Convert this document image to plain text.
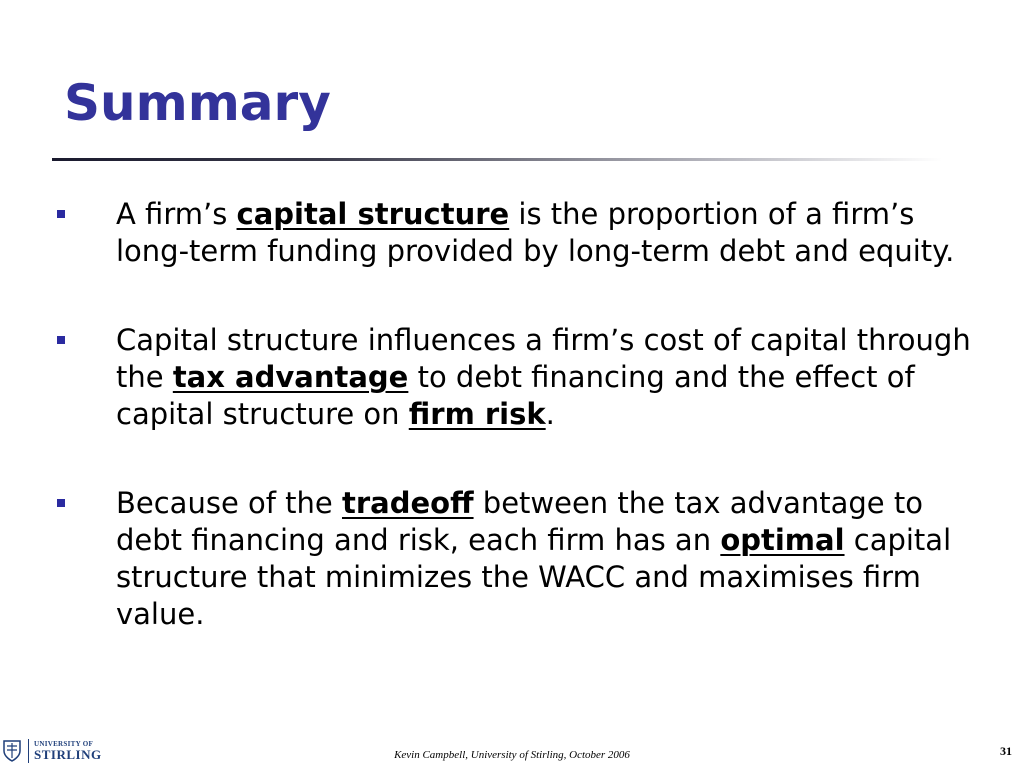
Summary
A firm’s capital structure is the proportion of a firm’s long-term funding provided by long-term debt and equity.
Capital structure influences a firm’s cost of capital through the tax advantage to debt financing and the effect of capital structure on firm risk.
Because of the tradeoff between the tax advantage to debt financing and risk, each firm has an optimal capital structure that minimizes the WACC and maximises firm value.
UNIVERSITY OF
STIRLING	Kevin Campbell, University of Stirling, October 2006	31
